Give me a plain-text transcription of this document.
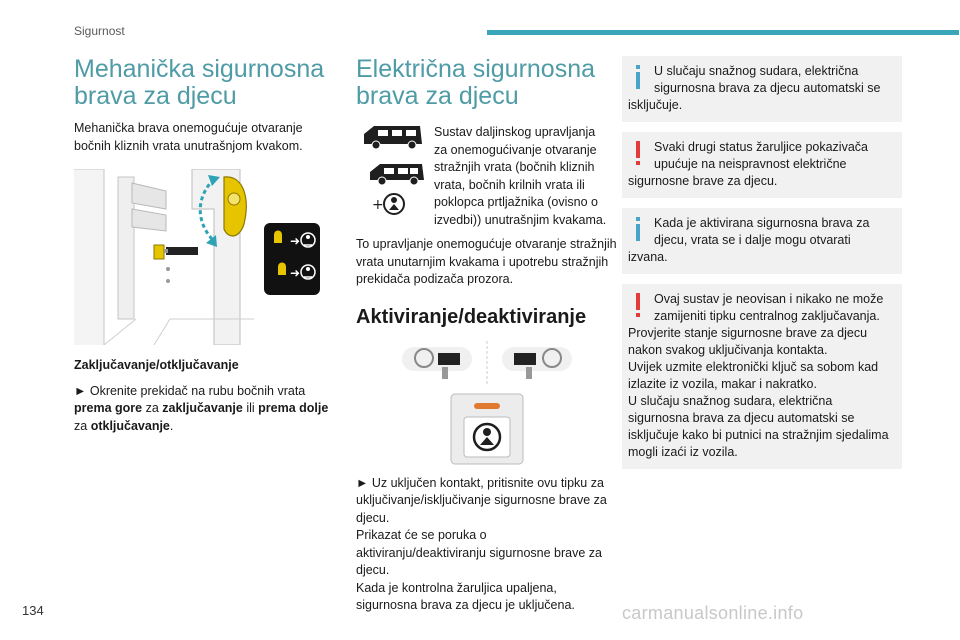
Sigurnost
Mehanička sigurnosna brava za djecu

Mehanička brava onemogućuje otvaranje bočnih kliznih vrata unutrašnjom kvakom.

➜
➜

Zaključavanje/otključavanje

► Okrenite prekidač na rubu bočnih vrata prema gore za zaključavanje ili prema dolje za otključavanje.

Električna sigurnosna brava za djecu
+

Sustav daljinskog upravljanja za onemogućivanje otvaranje stražnjih vrata (bočnih kliznih vrata, bočnih krilnih vrata ili poklopca prtljažnika (ovisno o izvedbi)) unutrašnjim kvakama.

To upravljanje onemogućuje otvaranje stražnjih vrata unutarnjim kvakama i upotrebu stražnjih prekidača podizača prozora.

Aktiviranje/deaktiviranje

► Uz uključen kontakt, pritisnite ovu tipku za uključivanje/isključivanje sigurnosne brave za djecu.

Prikazat će se poruka o aktiviranju/deaktiviranju sigurnosne brave za djecu.

Kada je kontrolna žaruljica upaljena, sigurnosna brava za djecu je uključena.

U slučaju snažnog sudara, električna sigurnosna brava za djecu automatski se isključuje.
Svaki drugi status žaruljice pokazivača upućuje na neispravnost električne sigurnosne brave za djecu.
Kada je aktivirana sigurnosna brava za djecu, vrata se i dalje mogu otvarati izvana.
Ovaj sustav je neovisan i nikako ne može zamijeniti tipku centralnog zaključavanja.
Provjerite stanje sigurnosne brave za djecu nakon svakog uključivanja kontakta.
Uvijek uzmite elektronički ključ sa sobom kad izlazite iz vozila, makar i nakratko.
U slučaju snažnog sudara, električna sigurnosna brava za djecu automatski se isključuje kako bi putnici na stražnjim sjedalima mogli izaći iz vozila.
134	carmanualsonline.info
